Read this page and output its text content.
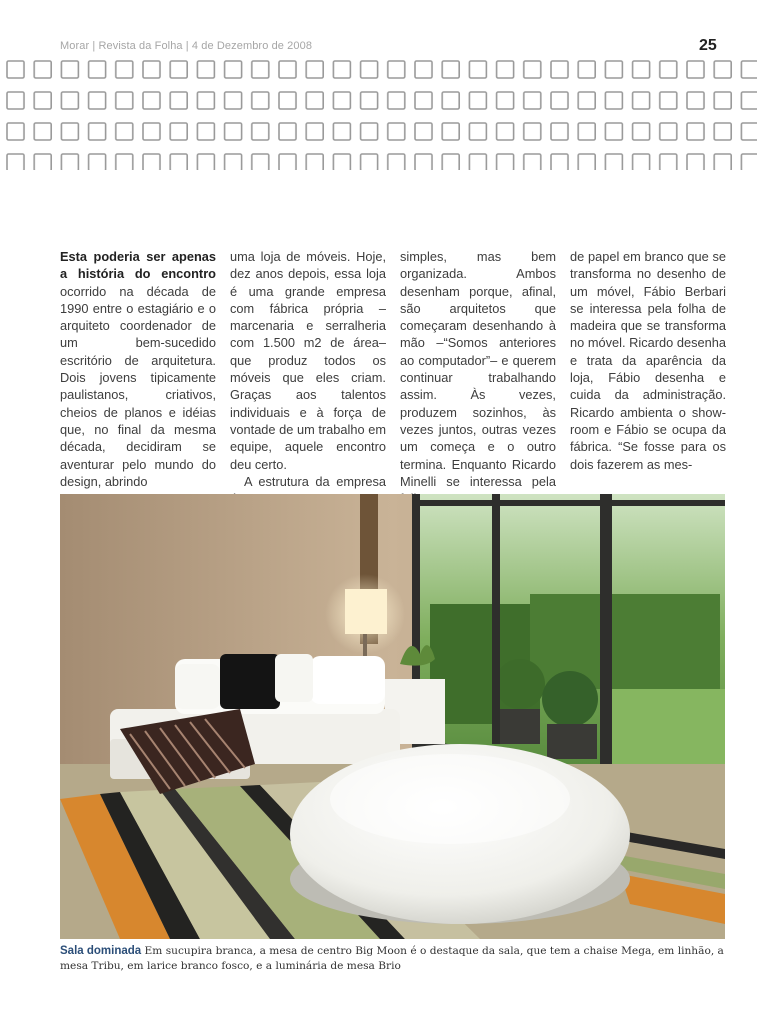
Morar | Revista da Folha | 4 de Dezembro de 2008	25

Esta poderia ser apenas a história do encontro ocorrido na década de 1990 entre o estagiário e o arquiteto coordenador de um bem-sucedido escritório de arquitetura. Dois jovens tipicamente paulistanos, criativos, cheios de planos e idéias que, no final da mesma década, decidiram se aventurar pelo mundo do design, abrindo

uma loja de móveis. Hoje, dez anos depois, essa loja é uma grande empresa com fábrica própria –marcenaria e serralheria com 1.500 m2 de área– que produz todos os móveis que eles criam. Graças aos talentos individuais e à força de vontade de um trabalho em equipe, aquele encontro deu certo.

A estrutura da empresa

simples, mas bem organizada. Ambos desenham porque, afinal, são arquitetos que começaram desenhando à mão –“Somos anteriores ao computador”– e querem continuar trabalhando assim. Às vezes, produzem sozinhos, às vezes juntos, outras vezes um começa e o outro termina. Enquanto Ricardo Minelli se interessa pela

de papel em branco que se transforma no desenho de um móvel, Fábio Berbari se interessa pela folha de madeira que se transforma no móvel. Ricardo desenha e trata da aparência da loja, Fábio desenha e cuida da administração. Ricardo ambienta o show-room e Fábio se ocupa da fábrica. “Se fosse para os dois fazerem as mes-

Sala dominada Em sucupira branca, a mesa de centro Big Moon é o destaque da sala, que tem a chaise Mega, em linhão, a mesa Tribu, em larice branco fosco, e a luminária de mesa Brio
